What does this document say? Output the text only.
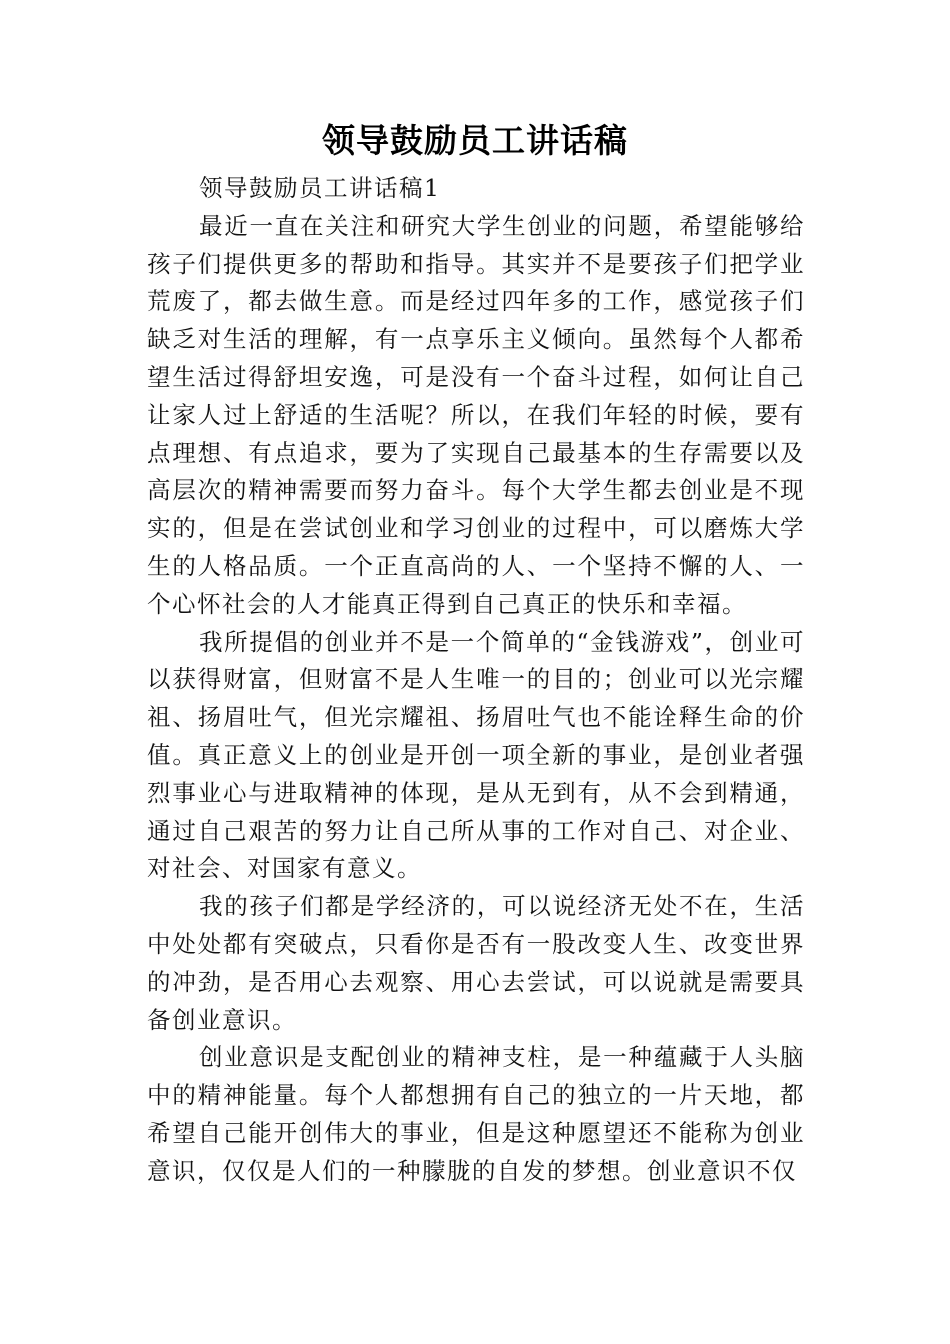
领导鼓励员工讲话稿

领导鼓励员工讲话稿1

最近一直在关注和研究大学生创业的问题，希望能够给孩子们提供更多的帮助和指导。其实并不是要孩子们把学业荒废了，都去做生意。而是经过四年多的工作，感觉孩子们缺乏对生活的理解，有一点享乐主义倾向。虽然每个人都希望生活过得舒坦安逸，可是没有一个奋斗过程，如何让自己让家人过上舒适的生活呢？所以，在我们年轻的时候，要有点理想、有点追求，要为了实现自己最基本的生存需要以及高层次的精神需要而努力奋斗。每个大学生都去创业是不现实的，但是在尝试创业和学习创业的过程中，可以磨炼大学生的人格品质。一个正直高尚的人、一个坚持不懈的人、一个心怀社会的人才能真正得到自己真正的快乐和幸福。

我所提倡的创业并不是一个简单的“金钱游戏”，创业可以获得财富，但财富不是人生唯一的目的；创业可以光宗耀祖、扬眉吐气，但光宗耀祖、扬眉吐气也不能诠释生命的价值。真正意义上的创业是开创一项全新的事业，是创业者强烈事业心与进取精神的体现，是从无到有，从不会到精通，通过自己艰苦的努力让自己所从事的工作对自己、对企业、对社会、对国家有意义。

我的孩子们都是学经济的，可以说经济无处不在，生活中处处都有突破点，只看你是否有一股改变人生、改变世界的冲劲，是否用心去观察、用心去尝试，可以说就是需要具备创业意识。

创业意识是支配创业的精神支柱，是一种蕴藏于人头脑中的精神能量。每个人都想拥有自己的独立的一片天地，都希望自己能开创伟大的事业，但是这种愿望还不能称为创业意识，仅仅是人们的一种朦胧的自发的梦想。创业意识不仅
